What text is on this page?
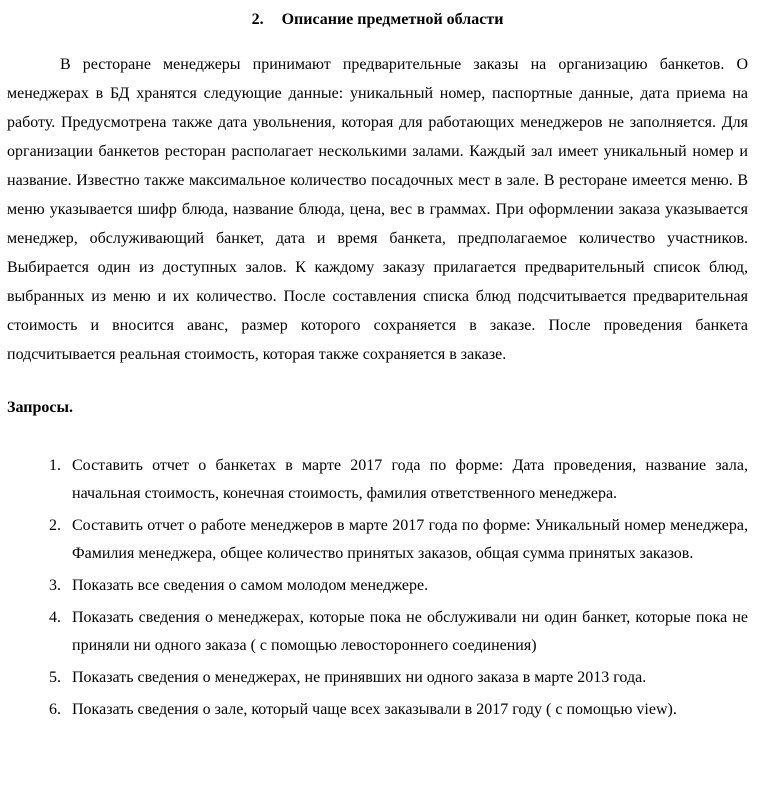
2. Описание предметной области

В ресторане менеджеры принимают предварительные заказы на организацию банкетов. О менеджерах в БД хранятся следующие данные: уникальный номер, паспортные данные, дата приема на работу. Предусмотрена также дата увольнения, которая для работающих менеджеров не заполняется. Для организации банкетов ресторан располагает несколькими залами. Каждый зал имеет уникальный номер и название. Известно также максимальное количество посадочных мест в зале. В ресторане имеется меню. В меню указывается шифр блюда, название блюда, цена, вес в граммах. При оформлении заказа указывается менеджер, обслуживающий банкет, дата и время банкета, предполагаемое количество участников. Выбирается один из доступных залов. К каждому заказу прилагается предварительный список блюд, выбранных из меню и их количество. После составления списка блюд подсчитывается предварительная стоимость и вносится аванс, размер которого сохраняется в заказе. После проведения банкета подсчитывается реальная стоимость, которая также сохраняется в заказе.

Запросы.

1. Составить отчет о банкетах в марте 2017 года по форме: Дата проведения, название зала, начальная стоимость, конечная стоимость, фамилия ответственного менеджера.
2. Составить отчет о работе менеджеров в марте 2017 года по форме: Уникальный номер менеджера, Фамилия менеджера, общее количество принятых заказов, общая сумма принятых заказов.
3. Показать все сведения о самом молодом менеджере.
4. Показать сведения о менеджерах, которые пока не обслуживали ни один банкет, которые пока не приняли ни одного заказа ( с помощью левостороннего соединения)
5. Показать сведения о менеджерах, не принявших ни одного заказа в марте 2013 года.
6. Показать сведения о зале, который чаще всех заказывали в 2017 году ( с помощью view).
